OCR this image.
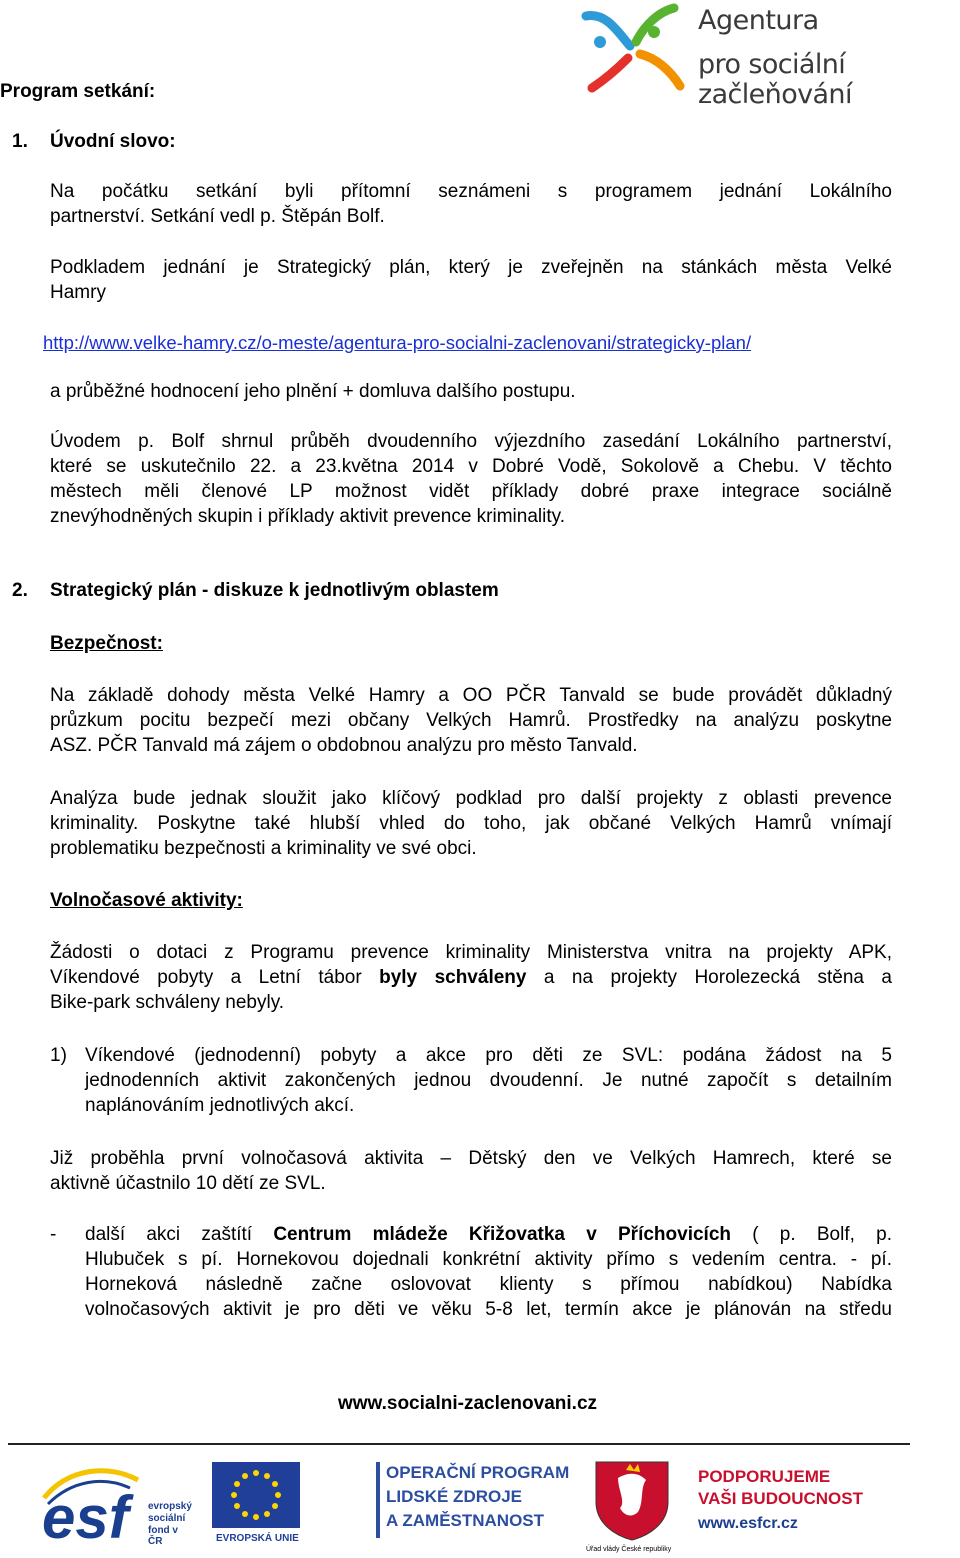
Agentura
pro sociální začleňování
Program setkání:
1. Úvodní slovo:
Na počátku setkání byli přítomní seznámeni s programem jednání Lokálního
partnerství. Setkání vedl p. Štěpán Bolf.
Podkladem jednání je Strategický plán, který je zveřejněn na stánkách města Velké
Hamry
http://www.velke-hamry.cz/o-meste/agentura-pro-socialni-zaclenovani/strategicky-plan/
a průběžné hodnocení jeho plnění + domluva dalšího postupu.
Úvodem p. Bolf shrnul průběh dvoudenního výjezdního zasedání Lokálního partnerství,
které se uskutečnilo 22. a 23.května 2014 v Dobré Vodě, Sokolově a Chebu. V těchto
městech měli členové LP možnost vidět příklady dobré praxe integrace sociálně
znevýhodněných skupin i příklady aktivit prevence kriminality.
2. Strategický plán - diskuze k jednotlivým oblastem
Bezpečnost:
Na základě dohody města Velké Hamry a OO PČR Tanvald se bude provádět důkladný
průzkum pocitu bezpečí mezi občany Velkých Hamrů. Prostředky na analýzu poskytne
ASZ. PČR Tanvald má zájem o obdobnou analýzu pro město Tanvald.
Analýza bude jednak sloužit jako klíčový podklad pro další projekty z oblasti prevence
kriminality. Poskytne také hlubší vhled do toho, jak občané Velkých Hamrů vnímají
problematiku bezpečnosti a kriminality ve své obci.
Volnočasové aktivity:
Žádosti o dotaci z Programu prevence kriminality Ministerstva vnitra na projekty APK,
Víkendové pobyty a Letní tábor byly schváleny a na projekty Horolezecká stěna a
Bike-park schváleny nebyly.
1) Víkendové (jednodenní) pobyty a akce pro děti ze SVL: podána žádost na 5
jednodenních aktivit zakončených jednou dvoudenní. Je nutné započít s detailním
naplánováním jednotlivých akcí.
Již proběhla první volnočasová aktivita – Dětský den ve Velkých Hamrech, které se
aktivně účastnilo 10 dětí ze SVL.
- další akci zaštítí Centrum mládeže Křižovatka v Příchovicích ( p. Bolf, p.
Hlubuček s pí. Hornekovou dojednali konkrétní aktivity přímo s vedením centra. - pí.
Horneková následně začne oslovovat klienty s přímou nabídkou) Nabídka
volnočasových aktivit je pro děti ve věku 5-8 let, termín akce je plánován na středu
www.socialni-zaclenovani.cz
esf evropský
sociální
fond v ČR	EVROPSKÁ UNIE
OPERAČNÍ PROGRAM
LIDSKÉ ZDROJE
A ZAMĚSTNANOST
Úřad vlády České republiky
PODPORUJEME
VAŠI BUDOUCNOST
www.esfcr.cz
